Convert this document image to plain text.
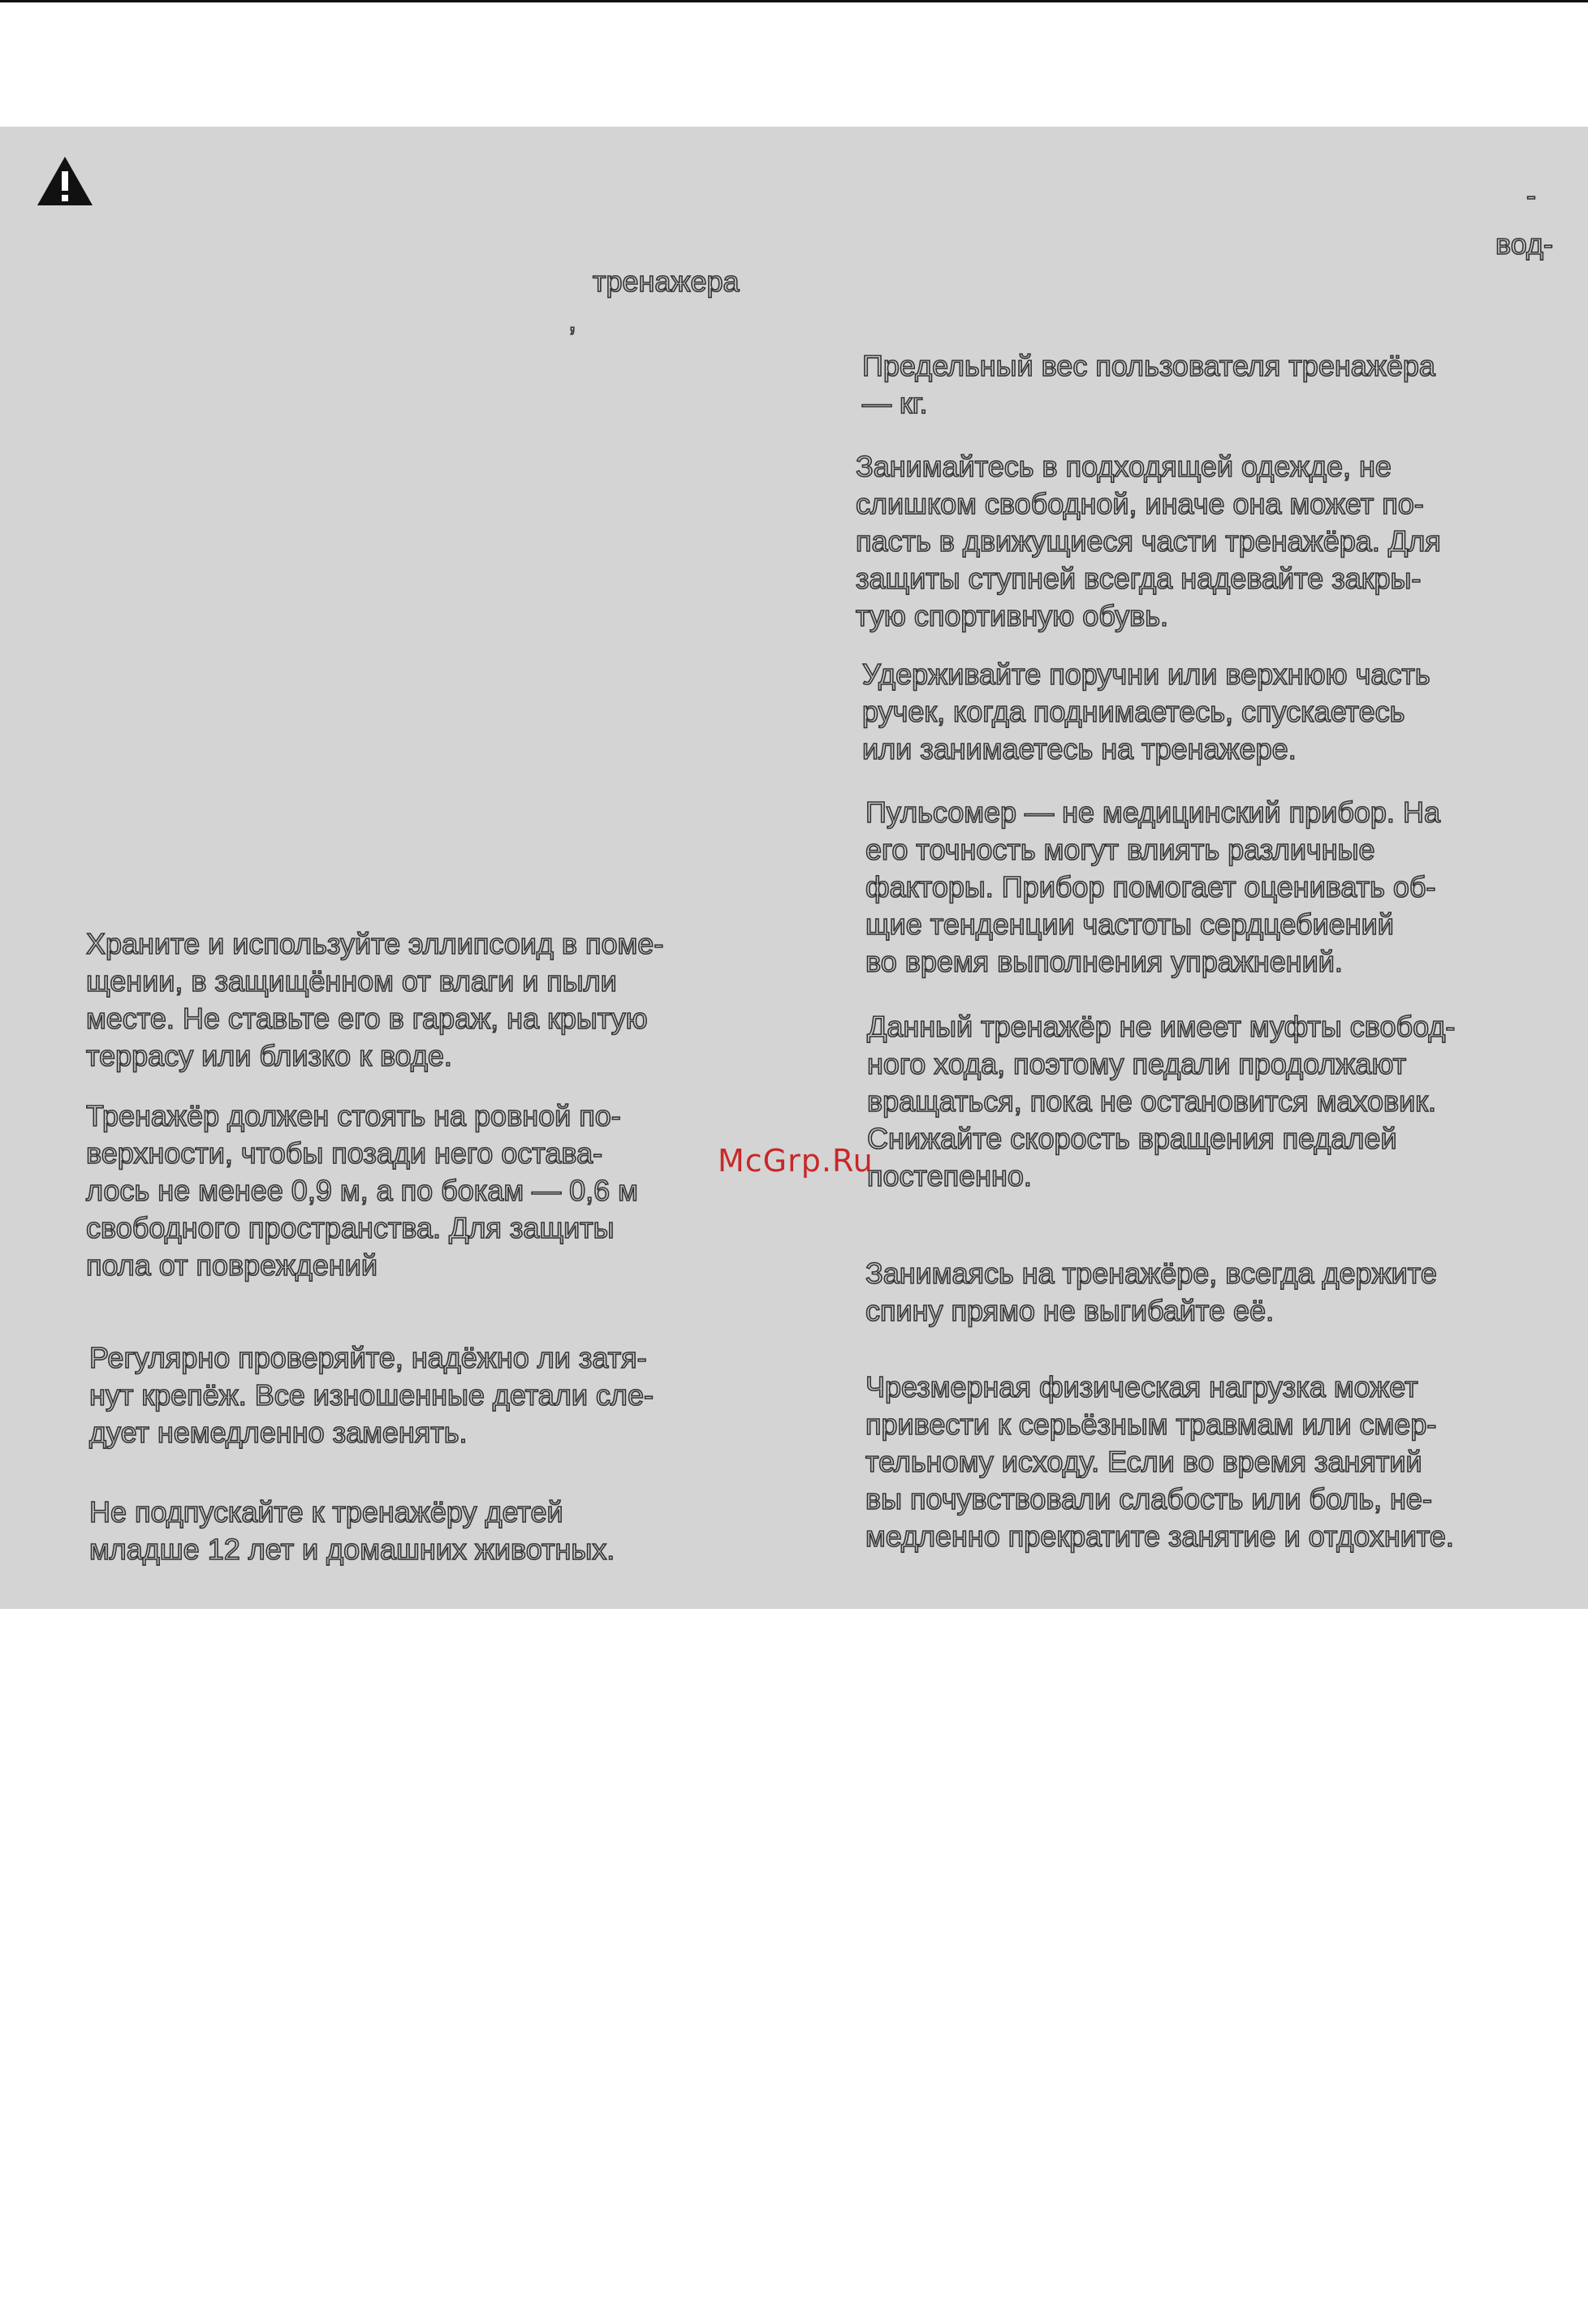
-
вод-
тренажера
,

Храните и используйте эллипсоид в поме-
щении, в защищённом от влаги и пыли
месте. Не ставьте его в гараж, на крытую
террасу или близко к воде.

Тренажёр должен стоять на ровной по-
верхности, чтобы позади него остава-
лось не менее 0,9 м, а по бокам — 0,6 м
свободного пространства. Для защиты
пола от повреждений

Регулярно проверяйте, надёжно ли затя-
нут крепёж. Все изношенные детали сле-
дует немедленно заменять.

Не подпускайте к тренажёру детей
младше 12 лет и домашних животных.

Предельный вес пользователя тренажёра
— кг.

Занимайтесь в подходящей одежде, не
слишком свободной, иначе она может по-
пасть в движущиеся части тренажёра. Для
защиты ступней всегда надевайте закры-
тую спортивную обувь.

Удерживайте поручни или верхнюю часть
ручек, когда поднимаетесь, спускаетесь
или занимаетесь на тренажере.

Пульсомер — не медицинский прибор. На
его точность могут влиять различные
факторы. Прибор помогает оценивать об-
щие тенденции частоты сердцебиений
во время выполнения упражнений.

Данный тренажёр не имеет муфты свобод-
ного хода, поэтому педали продолжают
вращаться, пока не остановится маховик.
Снижайте скорость вращения педалей
постепенно.

Занимаясь на тренажёре, всегда держите
спину прямо не выгибайте её.

Чрезмерная физическая нагрузка может
привести к серьёзным травмам или смер-
тельному исходу. Если во время занятий
вы почувствовали слабость или боль, не-
медленно прекратите занятие и отдохните.

McGrp.Ru
